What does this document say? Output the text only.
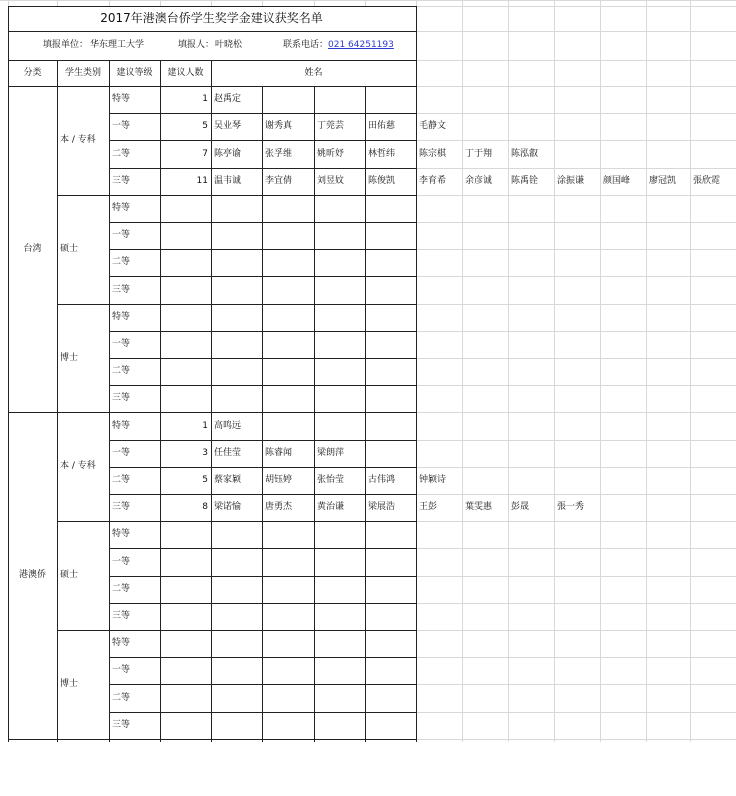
2017年港澳台侨学生奖学金建议获奖名单
填报单位： 华东理工大学	填报人： 叶晓松	联系电话： 021 64251193
分类	学生类别	建议等级	建议人数	姓名
台湾
本 / 专科
特等	1 赵禹定
一等	5 吴业琴	谢秀真	丁莞芸	田佑慈	毛静文
二等	7 陈亭谕	张孚维	姚昕妤	林哲纬	陈宗棋	丁于翔	陈泓叡
三等	11 温韦诚	李宜倩	刘昱妏	陈俊凯	李育希	余彦诚	陈禹铨	涂振谦	颜国峰	廖冠凯	張欣霓
硕士
特等
一等
二等
三等
博士
特等
一等
二等
三等
港澳侨
本 / 专科
特等	1 高鸣远
一等	3 任佳莹	陈睿闻	梁朗萍
二等	5 蔡家颖	胡钰婷	张怡莹	古伟鸿	钟颖诗
三等	8 梁诺愉	唐勇杰	黄治谦	梁展浩	王彭	葉雯惠	彭晟	張一秀
硕士
特等
一等
二等
三等
博士
特等
一等
二等
三等
